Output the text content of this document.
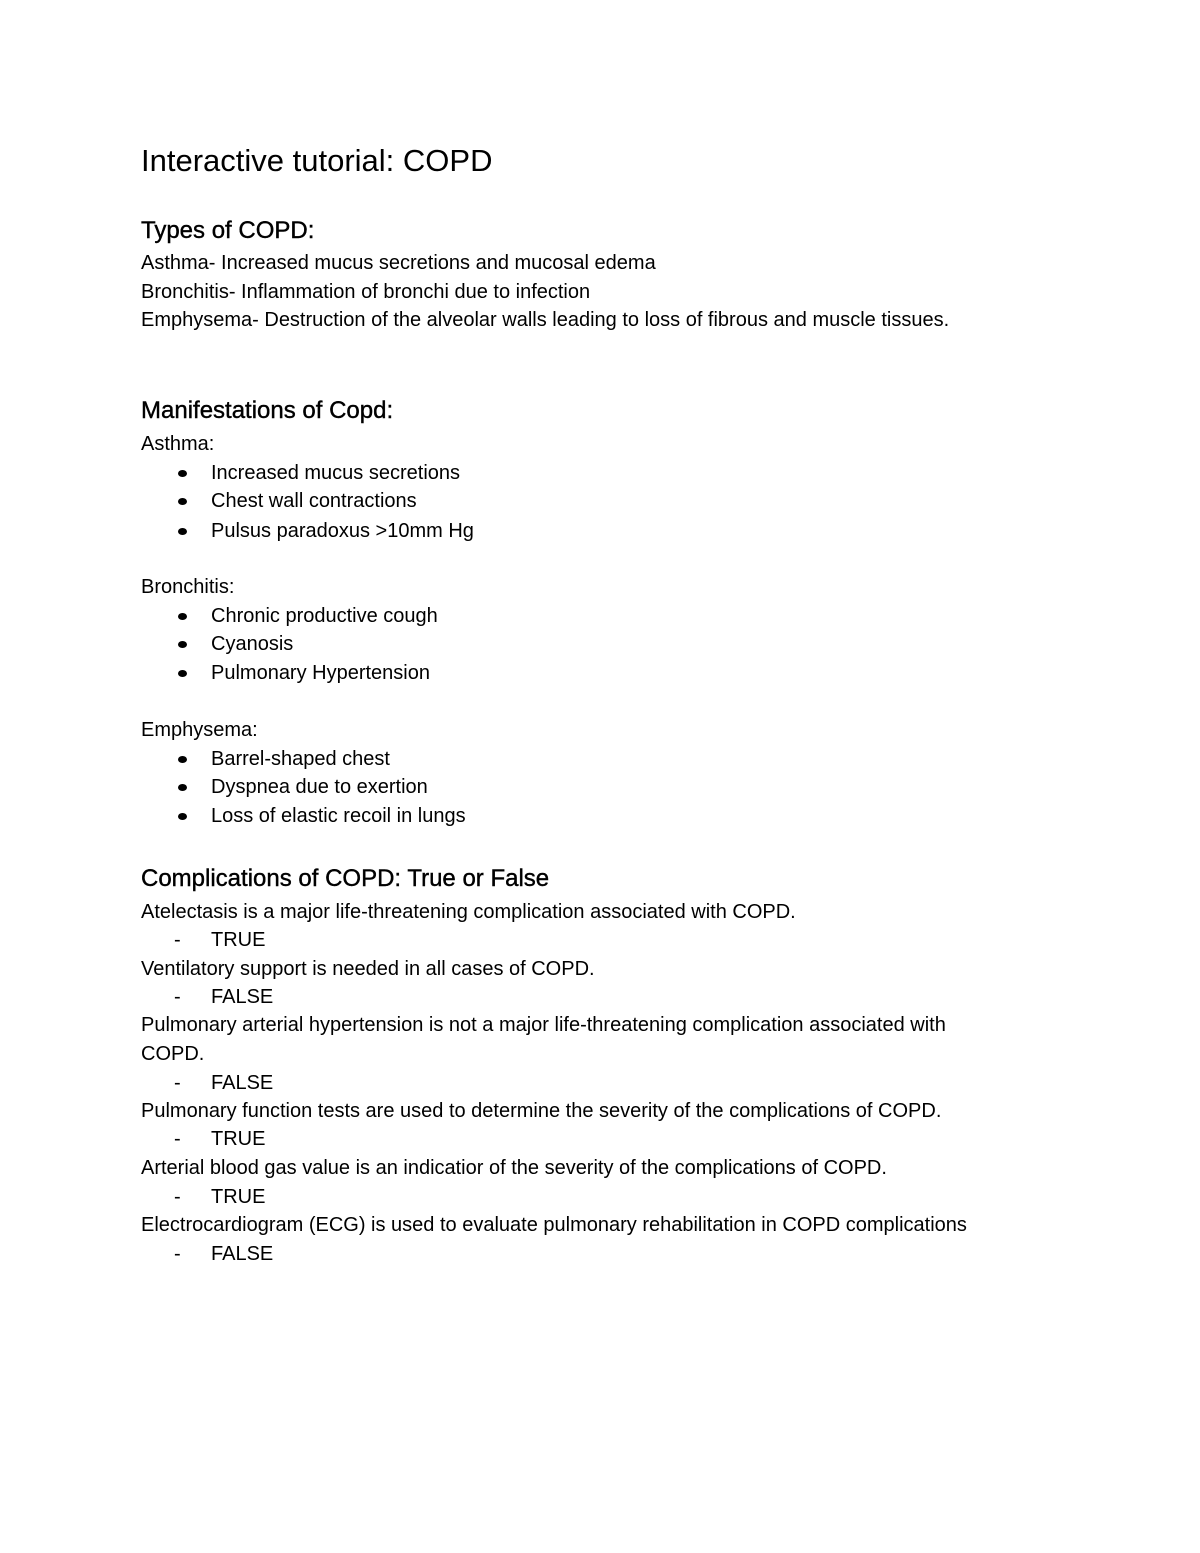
Interactive tutorial: COPD
Types of COPD:

Asthma- Increased mucus secretions and mucosal edema

Bronchitis- Inflammation of bronchi due to infection

Emphysema- Destruction of the alveolar walls leading to loss of fibrous and muscle tissues.

Manifestations of Copd:

Asthma:

Increased mucus secretions
Chest wall contractions
Pulsus paradoxus >10mm Hg

Bronchitis:

Chronic productive cough
Cyanosis
Pulmonary Hypertension

Emphysema:

Barrel-shaped chest
Dyspnea due to exertion
Loss of elastic recoil in lungs
Complications of COPD: True or False

Atelectasis is a major life-threatening complication associated with COPD.

- TRUE

Ventilatory support is needed in all cases of COPD.

- FALSE

Pulmonary arterial hypertension is not a major life-threatening complication associated with

COPD.

- FALSE

Pulmonary function tests are used to determine the severity of the complications of COPD.

- TRUE

Arterial blood gas value is an indicatior of the severity of the complications of COPD.

- TRUE

Electrocardiogram (ECG) is used to evaluate pulmonary rehabilitation in COPD complications

- FALSE
